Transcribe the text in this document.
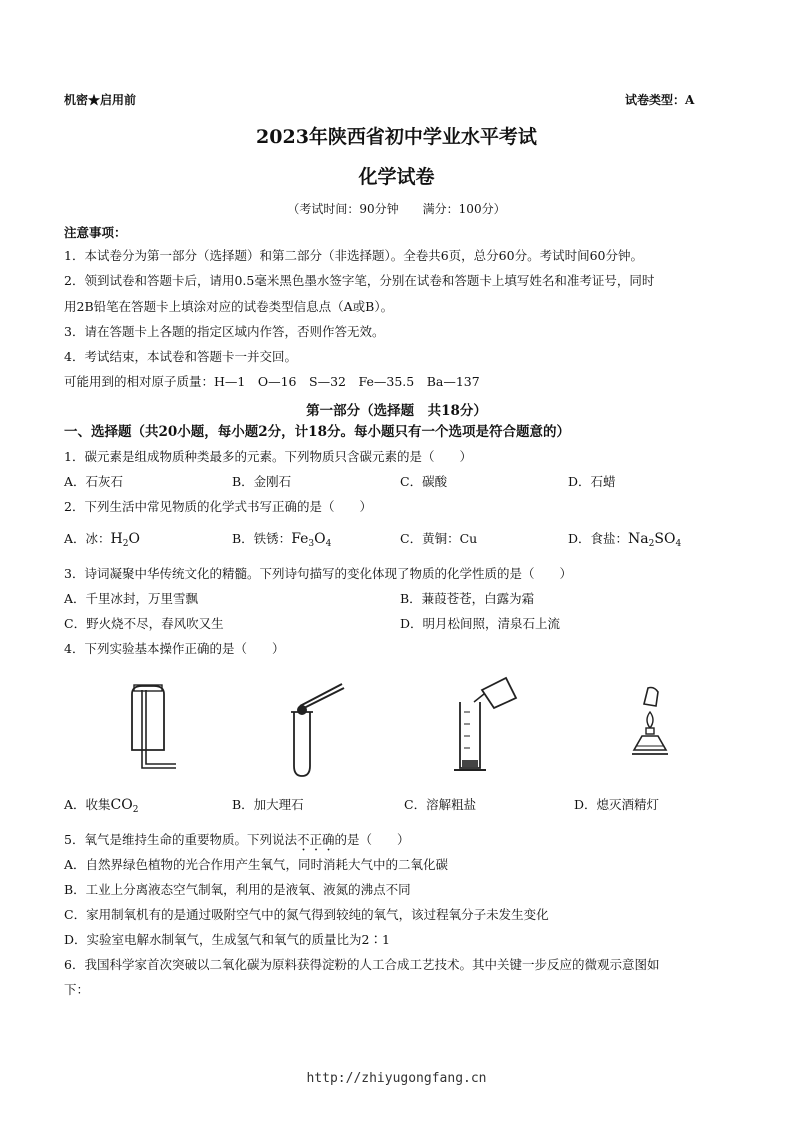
机密★启用前	试卷类型：A
2023年陕西省初中学业水平考试
化学试卷
（考试时间：90分钟　　满分：100分）
注意事项：
1．本试卷分为第一部分（选择题）和第二部分（非选择题）。全卷共6页，总分60分。考试时间60分钟。
2．领到试卷和答题卡后，请用0.5毫米黑色墨水签字笔，分别在试卷和答题卡上填写姓名和准考证号，同时
用2B铅笔在答题卡上填涂对应的试卷类型信息点（A或B）。
3．请在答题卡上各题的指定区域内作答，否则作答无效。
4．考试结束，本试卷和答题卡一并交回。
可能用到的相对原子质量：H—1　O—16　S—32　Fe—35.5　Ba—137
第一部分（选择题　共18分）
一、选择题（共20小题，每小题2分，计18分。每小题只有一个选项是符合题意的）
1．碳元素是组成物质种类最多的元素。下列物质只含碳元素的是（　　）
A．石灰石	B．金刚石	C．碳酸	D．石蜡
2．下列生活中常见物质的化学式书写正确的是（　　）
A．冰：$H_2O$	B．铁锈：$Fe_3O_4$	C．黄铜：Cu	D．食盐：$Na_2SO_4$
3．诗词凝聚中华传统文化的精髓。下列诗句描写的变化体现了物质的化学性质的是（　　）
A．千里冰封，万里雪飘	B．蒹葭苍苍，白露为霜
C．野火烧不尽，春风吹又生	D．明月松间照，清泉石上流
4．下列实验基本操作正确的是（　　）
A．收集$CO_2$	B．加大理石	C．溶解粗盐	D．熄灭酒精灯
5．氧气是维持生命的重要物质。下列说法不正确的是（　　）
A．自然界绿色植物的光合作用产生氧气，同时消耗大气中的二氧化碳
B．工业上分离液态空气制氧，利用的是液氧、液氮的沸点不同
C．家用制氧机有的是通过吸附空气中的氮气得到较纯的氧气，该过程氧分子未发生变化
D．实验室电解水制氧气，生成氢气和氧气的质量比为2∶1
6．我国科学家首次突破以二氧化碳为原料获得淀粉的人工合成工艺技术。其中关键一步反应的微观示意图如
下：
http://zhiyugongfang.cn
